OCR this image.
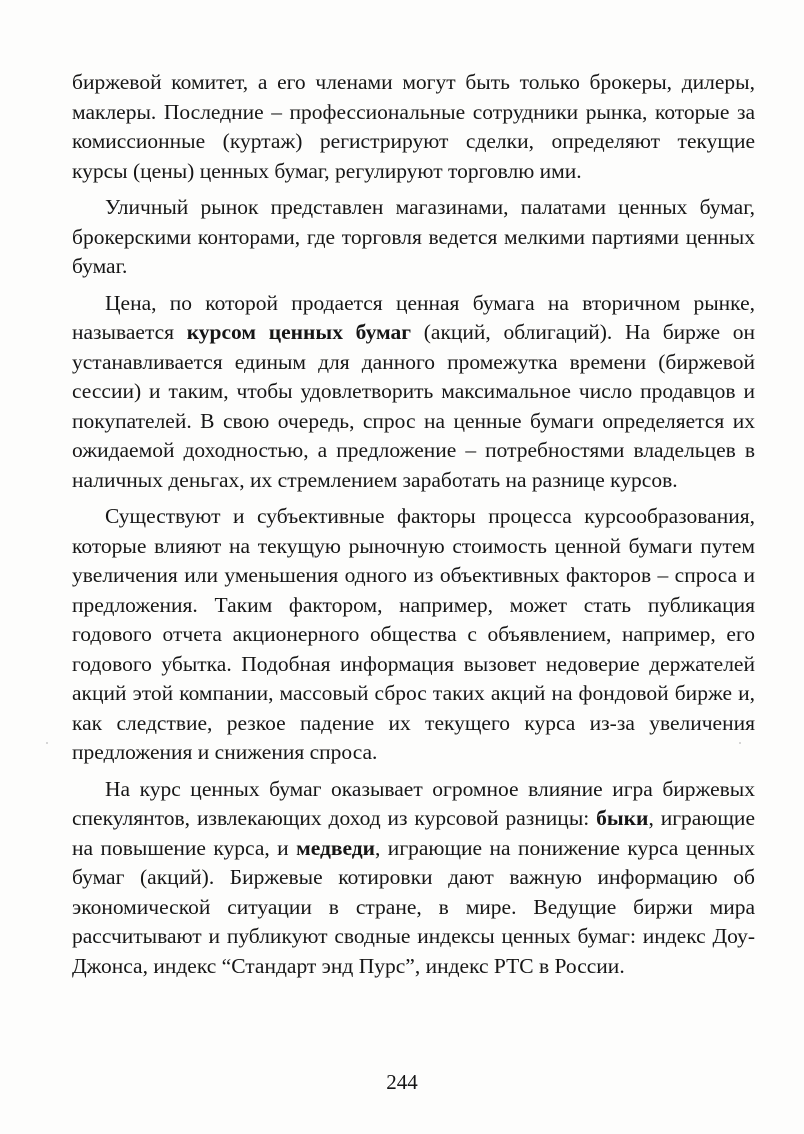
биржевой комитет, а его членами могут быть только брокеры, дилеры, маклеры. Последние – профессиональные сотрудники рынка, которые за комиссионные (куртаж) регистрируют сделки, определяют текущие курсы (цены) ценных бумаг, регулируют торговлю ими.

Уличный рынок представлен магазинами, палатами ценных бумаг, брокерскими конторами, где торговля ведется мелкими партиями ценных бумаг.

Цена, по которой продается ценная бумага на вторичном рынке, называется курсом ценных бумаг (акций, облигаций). На бирже он устанавливается единым для данного промежутка времени (биржевой сессии) и таким, чтобы удовлетворить максимальное число продавцов и покупателей. В свою очередь, спрос на ценные бумаги определяется их ожидаемой доходностью, а предложение – потребностями владельцев в наличных деньгах, их стремлением заработать на разнице курсов.

Существуют и субъективные факторы процесса курсообразования, которые влияют на текущую рыночную стоимость ценной бумаги путем увеличения или уменьшения одного из объективных факторов – спроса и предложения. Таким фактором, например, может стать публикация годового отчета акционерного общества с объявлением, например, его годового убытка. Подобная информация вызовет недоверие держателей акций этой компании, массовый сброс таких акций на фондовой бирже и, как следствие, резкое падение их текущего курса из-за увеличения предложения и снижения спроса.

На курс ценных бумаг оказывает огромное влияние игра биржевых спекулянтов, извлекающих доход из курсовой разницы: быки, играющие на повышение курса, и медведи, играющие на понижение курса ценных бумаг (акций). Биржевые котировки дают важную информацию об экономической ситуации в стране, в мире. Ведущие биржи мира рассчитывают и публикуют сводные индексы ценных бумаг: индекс Доу-Джонса, индекс “Стандарт энд Пурс”, индекс РТС в России.

244
